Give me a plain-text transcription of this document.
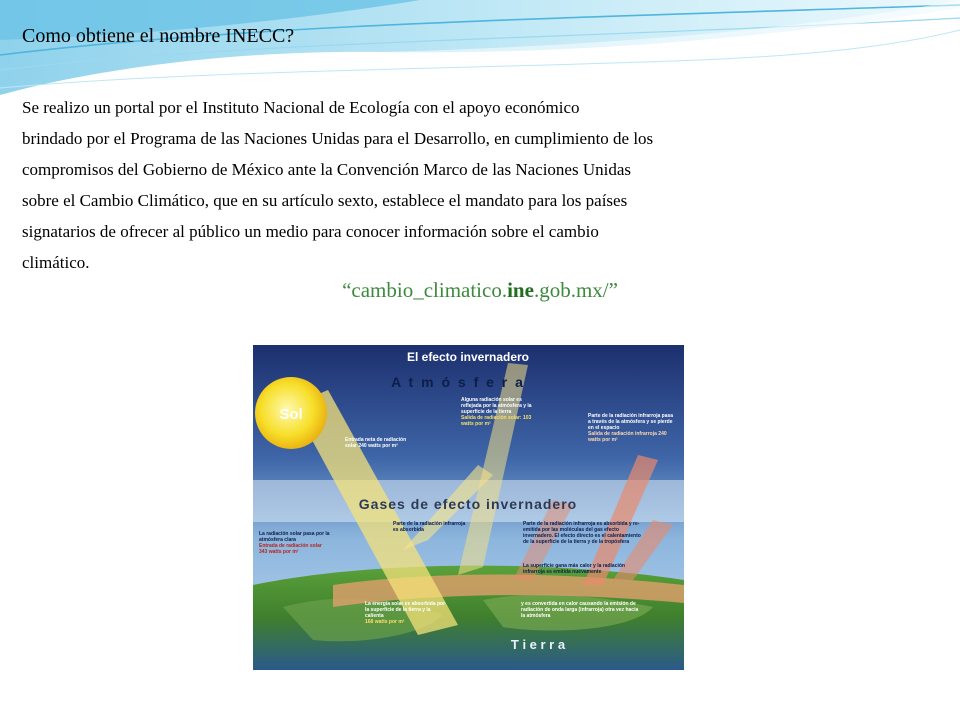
Como obtiene el nombre INECC?
Se realizo un portal por el Instituto Nacional de Ecología con el apoyo económico
brindado por el Programa de las Naciones Unidas para el Desarrollo, en cumplimiento de los
compromisos del Gobierno de México ante la Convención Marco de las Naciones Unidas
sobre el Cambio Climático, que en su artículo sexto, establece el mandato para los países
signatarios de ofrecer al público un medio para conocer información sobre el cambio
climático.
“cambio_climatico.ine.gob.mx/”
El efecto invernadero
A t m ó s f e r a
Sol
Gases de efecto invernadero
T i e r r a
Alguna radiación solar es reflejada por la atmósfera y la superficie de la tierra
Salida de radiación solar: 103 watts por m²
Entrada neta de radiación solar 240 watts por m²
Parte de la radiación infrarroja pasa a través de la atmósfera y se pierde en el espacio
Salida de radiación infrarroja 240 watts por m²
La radiación solar pasa por la atmósfera clara
Entrada de radiación solar 343 watts por m²
Parte de la radiación infrarroja es absorbida
Parte de la radiación infrarroja es absorbida y re-emitida por las moléculas del gas efecto invernadero. El efecto directo es el calentamiento de la superficie de la tierra y de la tropósfera
La superficie gana más calor y la radiación infrarroja es emitida nuevamente
La energía solar es absorbida por la superficie de la tierra y la calienta
168 watts por m²
y es convertida en calor causando la emisión de radiación de onda larga (infrarroja) otra vez hacia la atmósfera
